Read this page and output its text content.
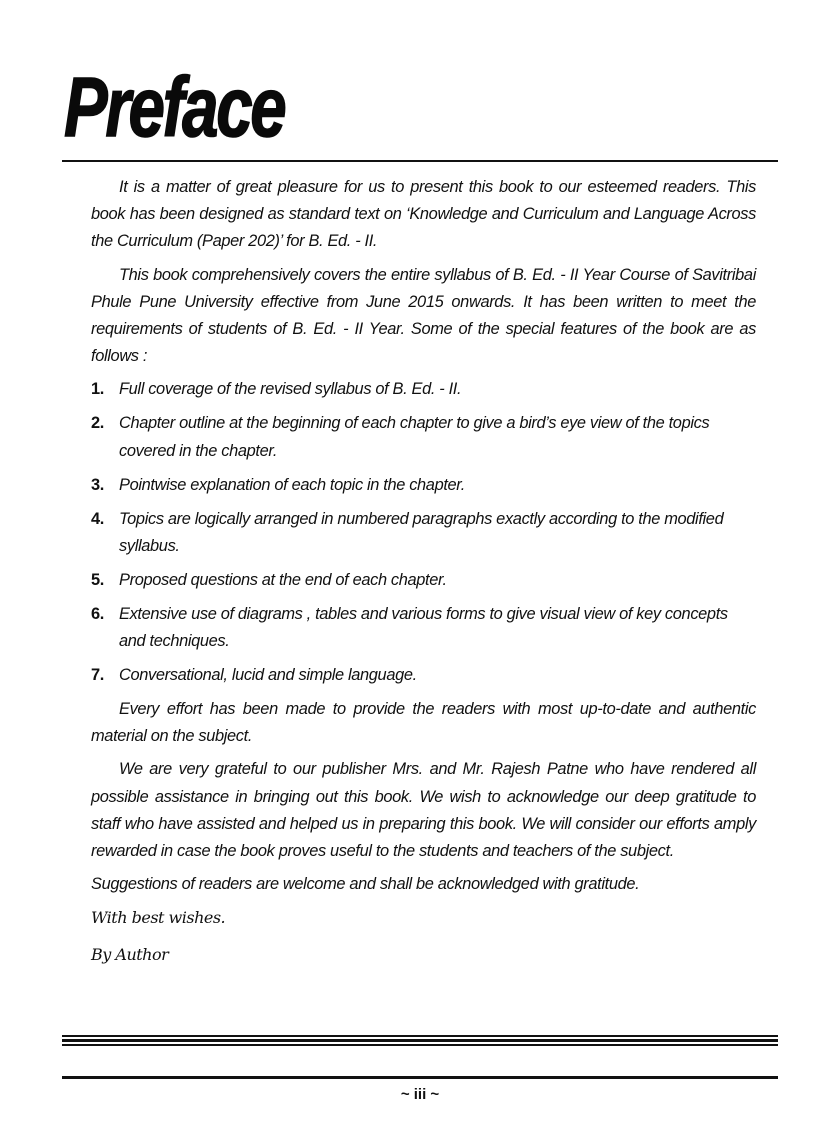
Preface

It is a matter of great pleasure for us to present this book to our esteemed readers. This book has been designed as standard text on ‘Knowledge and Curriculum and Language Across the Curriculum (Paper 202)’ for B. Ed. - II.

This book comprehensively covers the entire syllabus of B. Ed. - II Year Course of Savitribai Phule Pune University effective from June 2015 onwards. It has been written to meet the requirements of students of B. Ed. - II Year. Some of the special features of the book are as follows :

1. Full coverage of the revised syllabus of B. Ed. - II.
2. Chapter outline at the beginning of each chapter to give a bird’s eye view of the topics covered in the chapter.
3. Pointwise explanation of each topic in the chapter.
4. Topics are logically arranged in numbered paragraphs exactly according to the modified syllabus.
5. Proposed questions at the end of each chapter.
6. Extensive use of diagrams , tables and various forms to give visual view of key concepts and techniques.
7. Conversational, lucid and simple language.

Every effort has been made to provide the readers with most up-to-date and authentic material on the subject.

We are very grateful to our publisher Mrs. and Mr. Rajesh Patne who have rendered all possible assistance in bringing out this book. We wish to acknowledge our deep gratitude to staff who have assisted and helped us in preparing this book. We will consider our efforts amply rewarded in case the book proves useful to the students and teachers of the subject.

Suggestions of readers are welcome and shall be acknowledged with gratitude.

With best wishes.
By Author
~ iii ~
